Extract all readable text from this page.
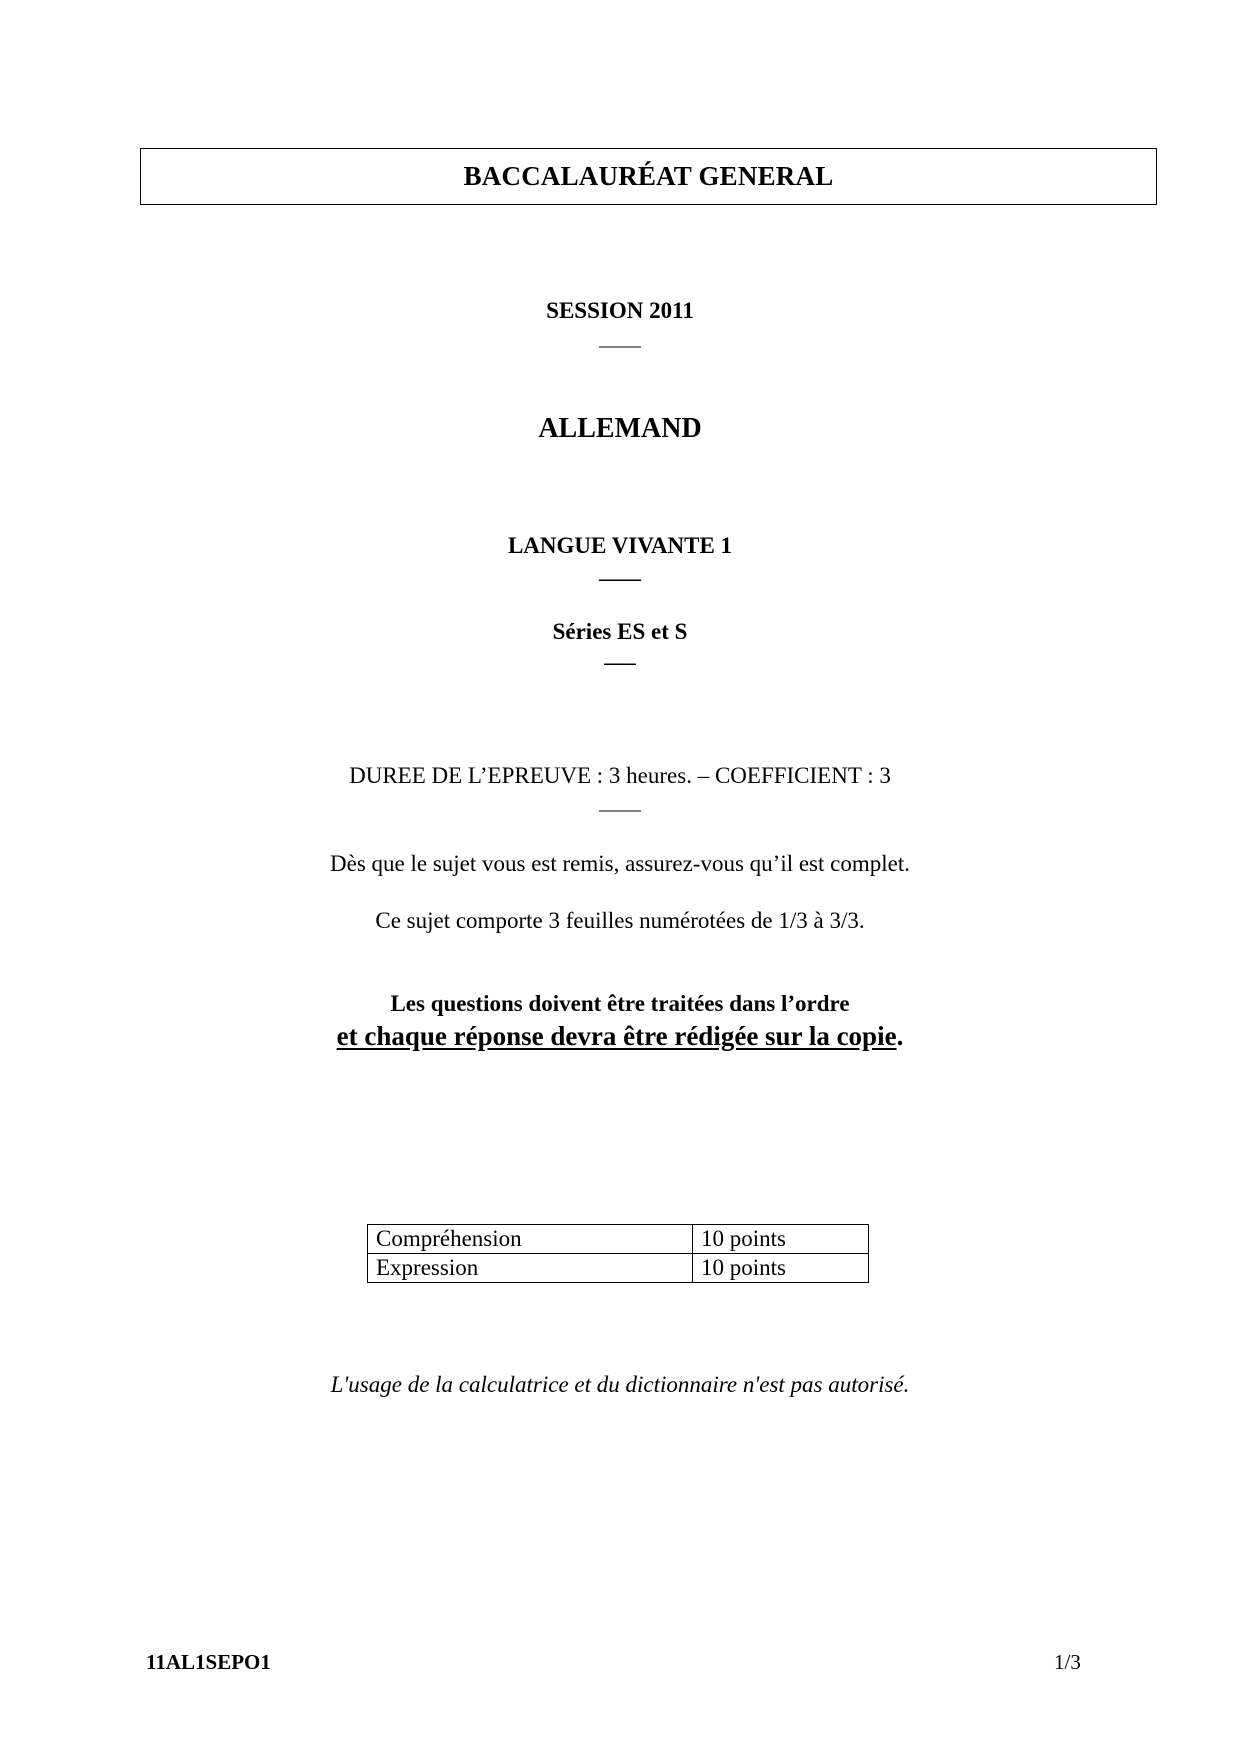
BACCALAURÉAT GENERAL
SESSION 2011
——
ALLEMAND
LANGUE VIVANTE 1
——
Séries ES et S
—–
DUREE DE L’EPREUVE : 3 heures. – COEFFICIENT : 3
——
Dès que le sujet vous est remis, assurez-vous qu’il est complet.
Ce sujet comporte 3 feuilles numérotées de 1/3 à 3/3.
Les questions doivent être traitées dans l’ordre
et chaque réponse devra être rédigée sur la copie.
Compréhension	10 points
Expression	10 points
L'usage de la calculatrice et du dictionnaire n'est pas autorisé.
11AL1SEPO1	1/3
